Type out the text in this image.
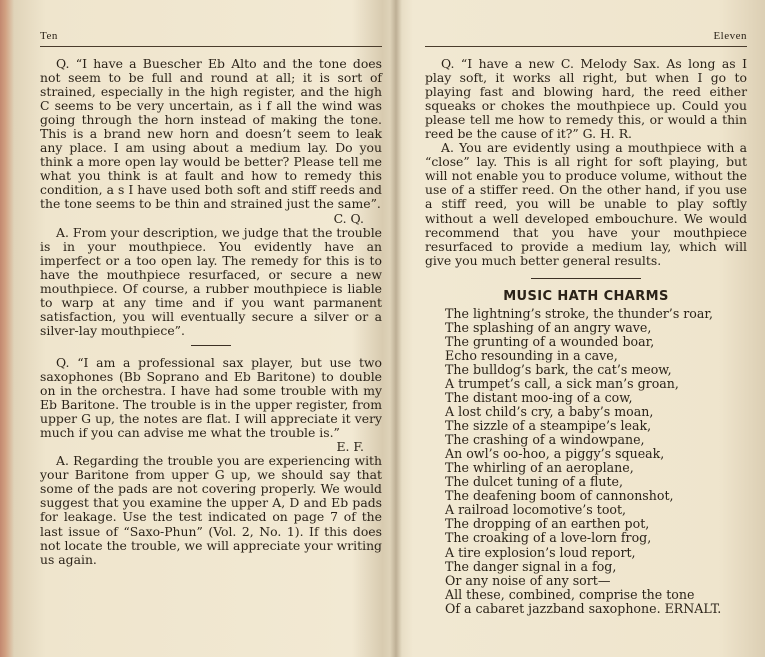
Ten

Q. “I have a Buescher Eb Alto and the tone does not seem to be full and round at all; it is sort of strained, especially in the high register, and the high C seems to be very uncertain, as i f all the wind was going through the horn instead of making the tone. This is a brand new horn and doesn’t seem to leak any place. I am using about a medium lay. Do you think a more open lay would be better? Please tell me what you think is at fault and how to remedy this condition, a s I have used both soft and stiff reeds and the tone seems to be thin and strained just the same”.

C. Q.

A. From your description, we judge that the trouble is in your mouthpiece. You evidently have an imperfect or a too open lay. The remedy for this is to have the mouthpiece resurfaced, or secure a new mouthpiece. Of course, a rubber mouthpiece is liable to warp at any time and if you want parmanent satisfaction, you will eventually secure a silver or a silver-lay mouthpiece”.

Q. “I am a professional sax player, but use two saxophones (Bb Soprano and Eb Baritone) to double on in the orchestra. I have had some trouble with my Eb Baritone. The trouble is in the upper register, from upper G up, the notes are flat. I will appreciate it very much if you can advise me what the trouble is.”

E. F.

A. Regarding the trouble you are experiencing with your Baritone from upper G up, we should say that some of the pads are not covering properly. We would suggest that you examine the upper A, D and Eb pads for leakage. Use the test indicated on page 7 of the last issue of “Saxo-Phun” (Vol. 2, No. 1). If this does not locate the trouble, we will appreciate your writing us again.

Eleven

Q. “I have a new C. Melody Sax. As long as I play soft, it works all right, but when I go to playing fast and blowing hard, the reed either squeaks or chokes the mouthpiece up. Could you please tell me how to remedy this, or would a thin reed be the cause of it?” G. H. R.

A. You are evidently using a mouthpiece with a “close” lay. This is all right for soft playing, but will not enable you to produce volume, without the use of a stiffer reed. On the other hand, if you use a stiff reed, you will be unable to play softly without a well developed embouchure. We would recommend that you have your mouthpiece resurfaced to provide a medium lay, which will give you much better general results.

MUSIC HATH CHARMS
The lightning’s stroke, the thunder’s roar,
The splashing of an angry wave,
The grunting of a wounded boar,
Echo resounding in a cave,
The bulldog’s bark, the cat’s meow,
A trumpet’s call, a sick man’s groan,
The distant moo-ing of a cow,
A lost child’s cry, a baby’s moan,
The sizzle of a steampipe’s leak,
The crashing of a windowpane,
An owl’s oo-hoo, a piggy’s squeak,
The whirling of an aeroplane,
The dulcet tuning of a flute,
The deafening boom of cannonshot,
A railroad locomotive’s toot,
The dropping of an earthen pot,
The croaking of a love-lorn frog,
A tire explosion’s loud report,
The danger signal in a fog,
Or any noise of any sort—
All these, combined, comprise the tone
Of a cabaret jazzband saxophone. ERNALT.
